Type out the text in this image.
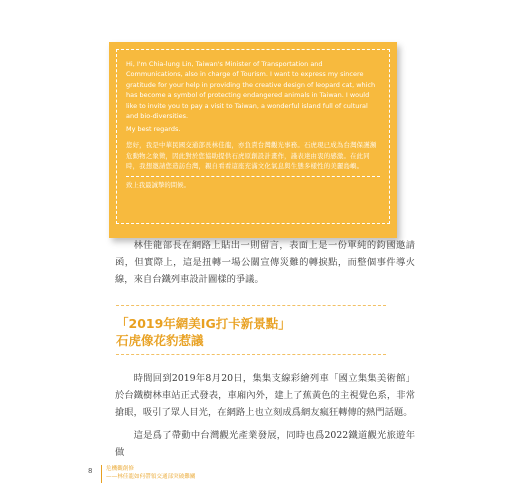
Hi, I'm Chia-lung Lin, Taiwan's Minister of Transportation and Communications, also in charge of Tourism. I want to express my sincere gratitude for your help in providing the creative design of leopard cat, which has become a symbol of protecting endangered animals in Taiwan. I would like to invite you to pay a visit to Taiwan, a wonderful island full of cultural and bio-diversities.

My best regards.

您好，我是中華民國交通部長林佳龍，亦負責台灣觀光事務。石虎現已成為台灣保護瀕危動物之象徵，因此對於您協助提供石虎原創設計畫作，謹表達由衷的感激。在此同時，我想邀請您造訪台灣，親自看看這座充滿文化氣息與生態多樣性的美麗島嶼。

致上我最誠摯的問候。

林佳龍部長在網路上貼出一則留言，表面上是一份單純的鈞國邀請函，但實際上，這是扭轉一場公關宣傳災難的轉捩點，而整個事件導火線，來自台鐵列車設計圖樣的爭議。

「2019年網美IG打卡新景點」
石虎像花豹惹議

時間回到2019年8月20日，集集支線彩繪列車「國立集集美術館」於台鐵樹林車站正式發表，車廂內外，建上了蕉黃色的主視覺色系，非常搶眼，吸引了眾人目光，在網路上也立刻成爲網友瘋狂轉傳的熱門話題。

這是爲了帶動中台灣觀光產業發展，同時也爲2022鐵道觀光旅遊年做

8 危機觀創修
——林佳龍如何帶領交通部突破難關
